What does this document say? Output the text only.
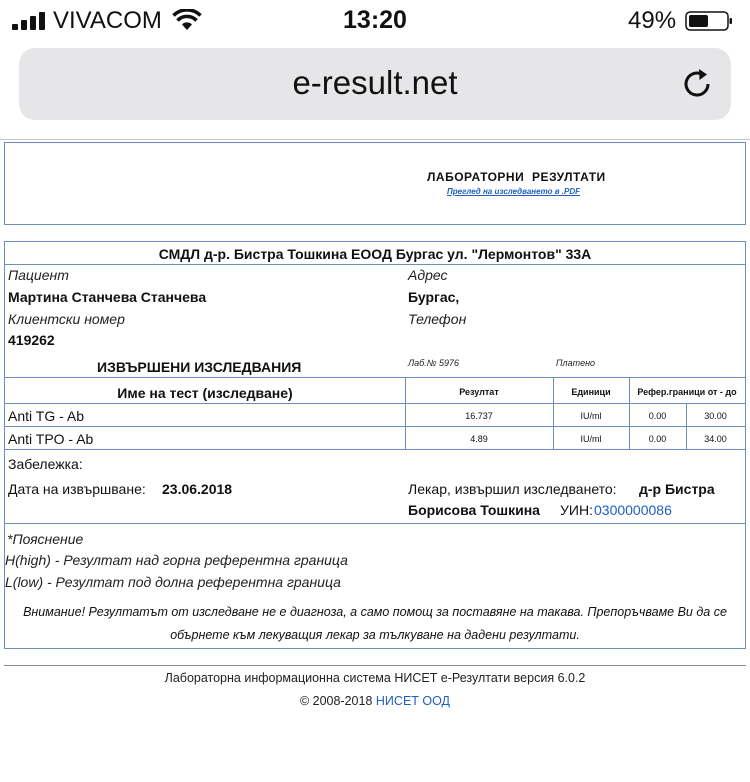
VIVACOM	13:20	49%
e-result.net
ЛАБОРАТОРНИ РЕЗУЛТАТИ
Преглед на изследването в .PDF
СМДЛ д-р. Бистра Тошкина ЕООД Бургас ул. "Лермонтов" 33А
Пациент
Мартина Станчева Станчева
Адрес
Бургас,
Клиентски номер
419262
Телефон
ИЗВЪРШЕНИ ИЗСЛЕДВАНИЯ	Лаб.№ 5976	Платено
Име на тест (изследване)	Резултат	Единици	Рефер.граници от - до
Anti TG - Ab	16.737	IU/ml	0.00	30.00
Anti TPO - Ab	4.89	IU/ml	0.00	34.00
Забележка:
Дата на извършване: 23.06.2018	Лекар, извършил изследването: д-р Бистра
Борисова Тошкина УИН: 0300000086
*Пояснение
H(high) - Резултат над горна референтна граница
L(low) - Резултат под долна референтна граница
Внимание! Резултатът от изследване не е диагноза, а само помощ за поставяне на такава. Препоръчваме Ви да се
обърнете към лекуващия лекар за тълкуване на дадени резултати.
Лабораторна информационна система НИСЕТ е-Резултати версия 6.0.2
© 2008-2018 НИСЕТ ООД
